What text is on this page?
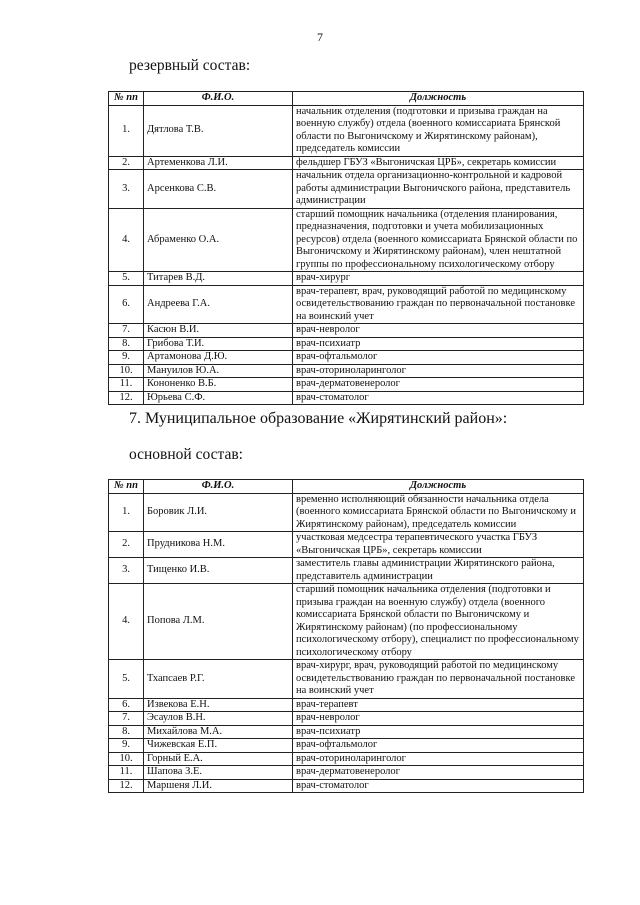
7
резервный состав:
№ пп	Ф.И.О.	Должность
1.	Дятлова Т.В.	начальник отделения (подготовки и призыва граждан на военную службу) отдела (военного комиссариата Брянской области по Выгоничскому и Жирятинскому районам), председатель комиссии
2.	Артеменкова Л.И.	фельдшер ГБУЗ «Выгоничская ЦРБ», секретарь комиссии
3.	Арсенкова С.В.	начальник отдела организационно-контрольной и кадровой работы администрации Выгоничского района, представитель администрации
4.	Абраменко О.А.	старший помощник начальника (отделения планирования, предназначения, подготовки и учета мобилизационных ресурсов) отдела (военного комиссариата Брянской области по Выгоничскому и Жирятинскому районам), член нештатной группы по профессиональному психологическому отбору
5.	Титарев В.Д.	врач-хирург
6.	Андреева Г.А.	врач-терапевт, врач, руководящий работой по медицинскому освидетельствованию граждан по первоначальной постановке на воинский учет
7.	Касюн В.И.	врач-невролог
8.	Грибова Т.И.	врач-психиатр
9.	Артамонова Д.Ю.	врач-офтальмолог
10.	Мануилов Ю.А.	врач-оториноларинголог
11.	Кононенко В.Б.	врач-дерматовенеролог
12.	Юрьева С.Ф.	врач-стоматолог
7. Муниципальное образование «Жирятинский район»:
основной состав:
№ пп	Ф.И.О.	Должность
1.	Боровик Л.И.	временно исполняющий обязанности начальника отдела (военного комиссариата Брянской области по Выгоничскому и Жирятинскому районам), председатель комиссии
2.	Прудникова Н.М.	участковая медсестра терапевтического участка ГБУЗ «Выгоничская ЦРБ», секретарь комиссии
3.	Тищенко И.В.	заместитель главы администрации Жирятинского района, представитель администрации
4.	Попова Л.М.	старший помощник начальника отделения (подготовки и призыва граждан на военную службу) отдела (военного комиссариата Брянской области по Выгоничскому и Жирятинскому районам) (по профессиональному психологическому отбору), специалист по профессиональному психологическому отбору
5.	Тхапсаев Р.Г.	врач-хирург, врач, руководящий работой по медицинскому освидетельствованию граждан по первоначальной постановке на воинский учет
6.	Извекова Е.Н.	врач-терапевт
7.	Эсаулов В.Н.	врач-невролог
8.	Михайлова М.А.	врач-психиатр
9.	Чижевская Е.П.	врач-офтальмолог
10.	Горный Е.А.	врач-оториноларинголог
11.	Шапова З.Е.	врач-дерматовенеролог
12.	Маршеня Л.И.	врач-стоматолог
